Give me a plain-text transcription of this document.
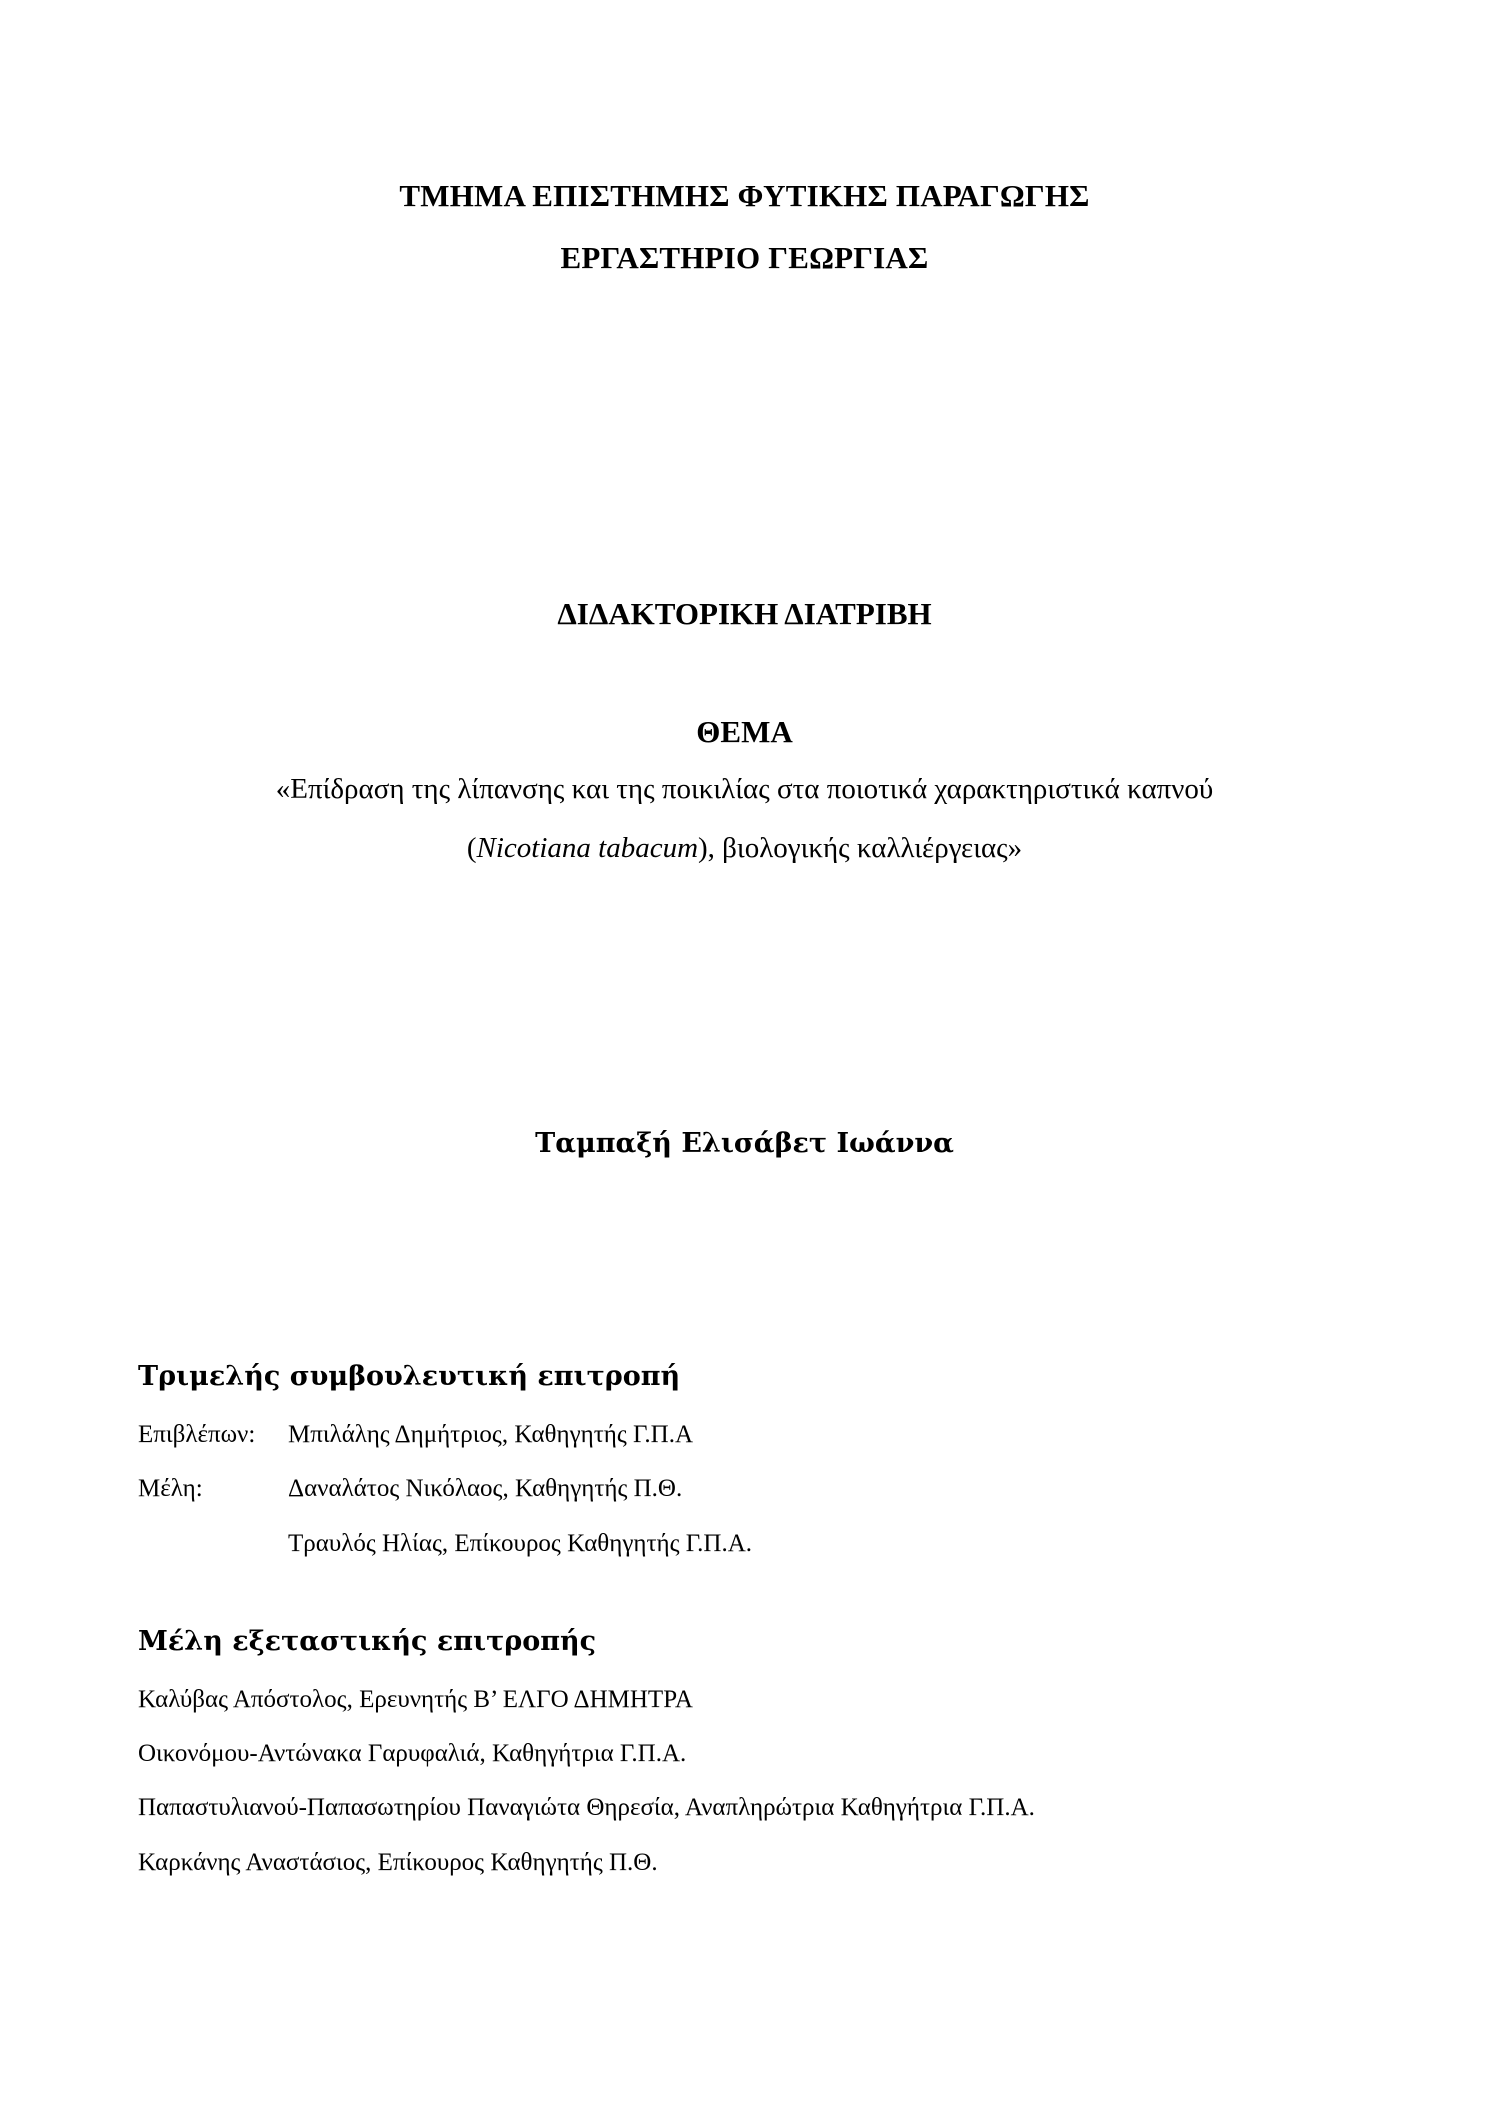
ΤΜΗΜΑ ΕΠΙΣΤΗΜΗΣ ΦΥΤΙΚΗΣ ΠΑΡΑΓΩΓΗΣ
ΕΡΓΑΣΤΗΡΙΟ ΓΕΩΡΓΙΑΣ
ΔΙΔΑΚΤΟΡΙΚΗ ΔΙΑΤΡΙΒΗ
ΘΕΜΑ
«Επίδραση της λίπανσης και της ποικιλίας στα ποιοτικά χαρακτηριστικά καπνού
(Nicotiana tabacum), βιολογικής καλλιέργειας»
Ταμπαξή Ελισάβετ Ιωάννα
Τριμελής συμβουλευτική επιτροπή
Επιβλέπων: Μπιλάλης Δημήτριος, Καθηγητής Γ.Π.Α
Μέλη:	Δαναλάτος Νικόλαος, Καθηγητής Π.Θ.
Τραυλός Ηλίας, Επίκουρος Καθηγητής Γ.Π.Α.
Μέλη εξεταστικής επιτροπής
Καλύβας Απόστολος, Ερευνητής Β’ ΕΛΓΟ ΔΗΜΗΤΡΑ
Οικονόμου-Αντώνακα Γαρυφαλιά, Καθηγήτρια Γ.Π.Α.
Παπαστυλιανού-Παπασωτηρίου Παναγιώτα Θηρεσία, Αναπληρώτρια Καθηγήτρια Γ.Π.Α.
Καρκάνης Αναστάσιος, Επίκουρος Καθηγητής Π.Θ.
